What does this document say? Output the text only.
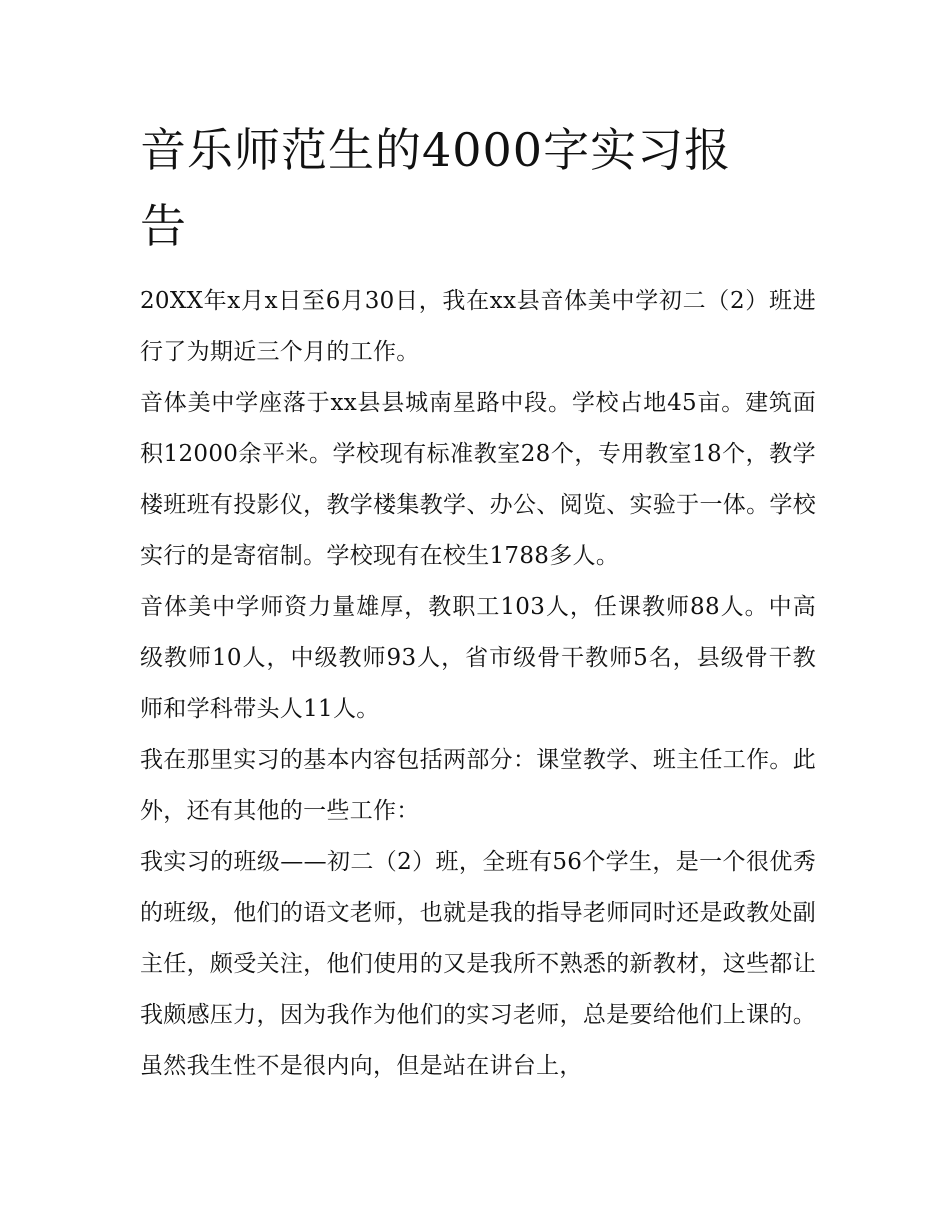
音乐师范生的4000字实习报
告

20XX年x月x日至6月30日，我在xx县音体美中学初二（2）班进行了为期近三个月的工作。

音体美中学座落于xx县县城南星路中段。学校占地45亩。建筑面积12000余平米。学校现有标准教室28个，专用教室18个，教学楼班班有投影仪，教学楼集教学、办公、阅览、实验于一体。学校实行的是寄宿制。学校现有在校生1788多人。

音体美中学师资力量雄厚，教职工103人，任课教师88人。中高级教师10人，中级教师93人，省市级骨干教师5名，县级骨干教师和学科带头人11人。

我在那里实习的基本内容包括两部分：课堂教学、班主任工作。此外，还有其他的一些工作：

我实习的班级——初二（2）班，全班有56个学生，是一个很优秀的班级，他们的语文老师，也就是我的指导老师同时还是政教处副主任，颇受关注，他们使用的又是我所不熟悉的新教材，这些都让我颇感压力，因为我作为他们的实习老师，总是要给他们上课的。虽然我生性不是很内向，但是站在讲台上，
